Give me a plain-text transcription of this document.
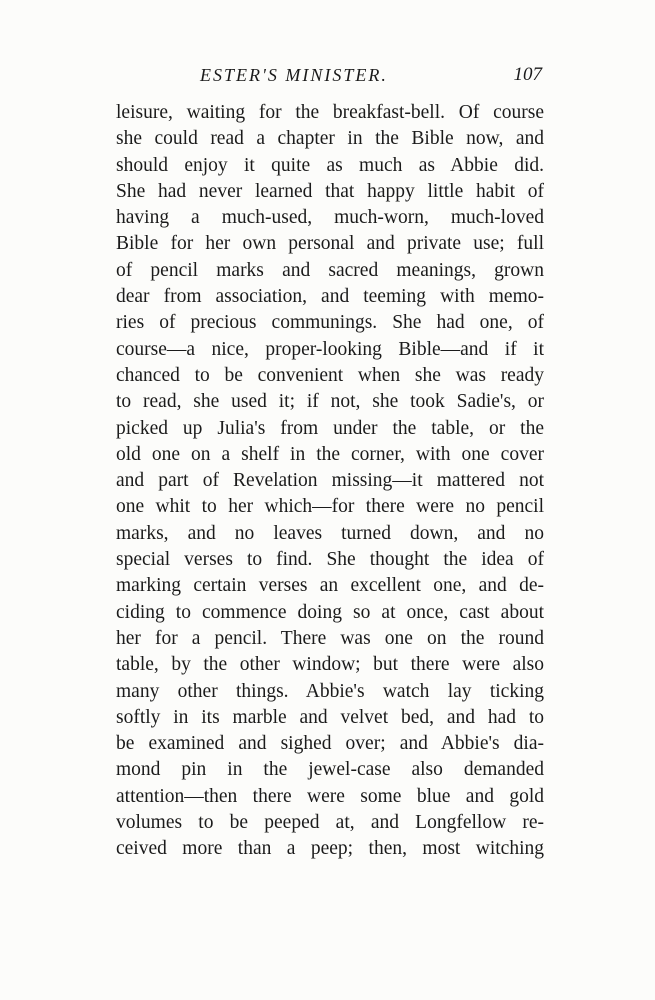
ESTER'S MINISTER.	107
leisure, waiting for the breakfast-bell. Of course
she could read a chapter in the Bible now, and
should enjoy it quite as much as Abbie did.
She had never learned that happy little habit of
having a much-used, much-worn, much-loved
Bible for her own personal and private use; full
of pencil marks and sacred meanings, grown
dear from association, and teeming with memo-
ries of precious communings. She had one, of
course—a nice, proper-looking Bible—and if it
chanced to be convenient when she was ready
to read, she used it; if not, she took Sadie's, or
picked up Julia's from under the table, or the
old one on a shelf in the corner, with one cover
and part of Revelation missing—it mattered not
one whit to her which—for there were no pencil
marks, and no leaves turned down, and no
special verses to find. She thought the idea of
marking certain verses an excellent one, and de-
ciding to commence doing so at once, cast about
her for a pencil. There was one on the round
table, by the other window; but there were also
many other things. Abbie's watch lay ticking
softly in its marble and velvet bed, and had to
be examined and sighed over; and Abbie's dia-
mond pin in the jewel-case also demanded
attention—then there were some blue and gold
volumes to be peeped at, and Longfellow re-
ceived more than a peep; then, most witching
